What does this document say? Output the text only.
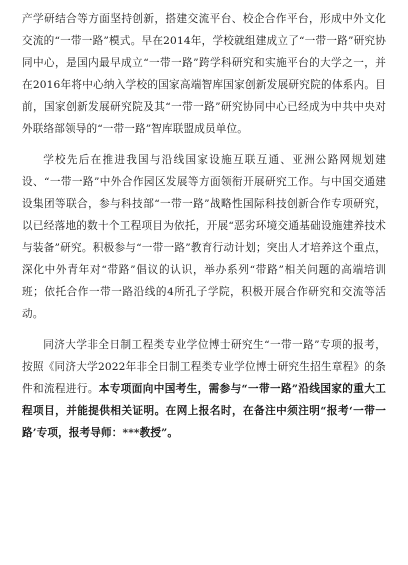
产学研结合等方面坚持创新，搭建交流平台、校企合作平台，形成中外文化交流的“一带一路”模式。早在2014年，学校就组建成立了“一带一路”研究协同中心，是国内最早成立“一带一路”跨学科研究和实施平台的大学之一，并在2016年将中心纳入学校的国家高端智库国家创新发展研究院的体系内。目前，国家创新发展研究院及其“一带一路”研究协同中心已经成为中共中央对外联络部领导的“一带一路”智库联盟成员单位。

学校先后在推进我国与沿线国家设施互联互通、亚洲公路网规划建设、“一带一路”中外合作园区发展等方面领衔开展研究工作。与中国交通建设集团等联合，参与科技部“一带一路”战略性国际科技创新合作专项研究，以已经落地的数十个工程项目为依托，开展“恶劣环境交通基础设施建养技术与装备”研究。积极参与“一带一路”教育行动计划；突出人才培养这个重点，深化中外青年对“带路”倡议的认识，举办系列“带路”相关问题的高端培训班；依托合作一带一路沿线的4所孔子学院，积极开展合作研究和交流等活动。

同济大学非全日制工程类专业学位博士研究生“一带一路”专项的报考，按照《同济大学2022年非全日制工程类专业学位博士研究生招生章程》的条件和流程进行。本专项面向中国考生，需参与“一带一路”沿线国家的重大工程项目，并能提供相关证明。在网上报名时，在备注中须注明“报考‘一带一路’专项，报考导师：***教授”。
